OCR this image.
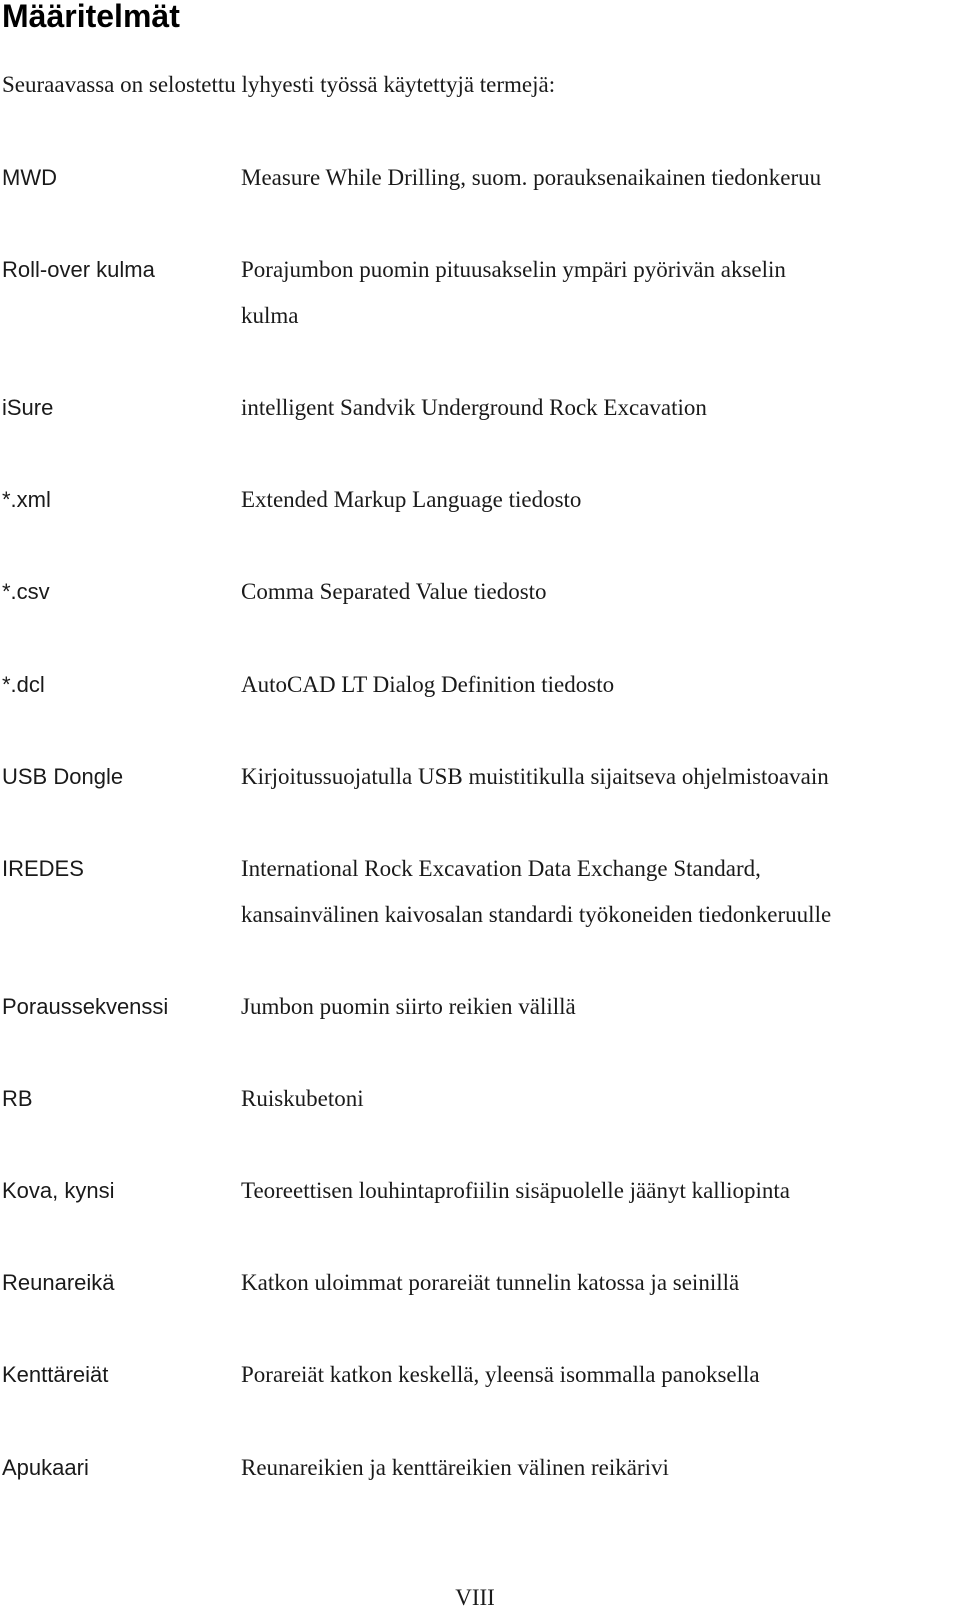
Määritelmät
Seuraavassa on selostettu lyhyesti työssä käytettyjä termejä:
MWD	Measure While Drilling, suom. porauksenaikainen tiedonkeruu
Roll-over kulma	Porajumbon puomin pituusakselin ympäri pyörivän akselin
kulma
iSure	intelligent Sandvik Underground Rock Excavation
*.xml	Extended Markup Language tiedosto
*.csv	Comma Separated Value tiedosto
*.dcl	AutoCAD LT Dialog Definition tiedosto
USB Dongle	Kirjoitussuojatulla USB muistitikulla sijaitseva ohjelmistoavain
IREDES	International Rock Excavation Data Exchange Standard,
kansainvälinen kaivosalan standardi työkoneiden tiedonkeruulle
Poraussekvenssi	Jumbon puomin siirto reikien välillä
RB	Ruiskubetoni
Kova, kynsi	Teoreettisen louhintaprofiilin sisäpuolelle jäänyt kalliopinta
Reunareikä	Katkon uloimmat porareiät tunnelin katossa ja seinillä
Kenttäreiät	Porareiät katkon keskellä, yleensä isommalla panoksella
Apukaari	Reunareikien ja kenttäreikien välinen reikärivi
VIII
